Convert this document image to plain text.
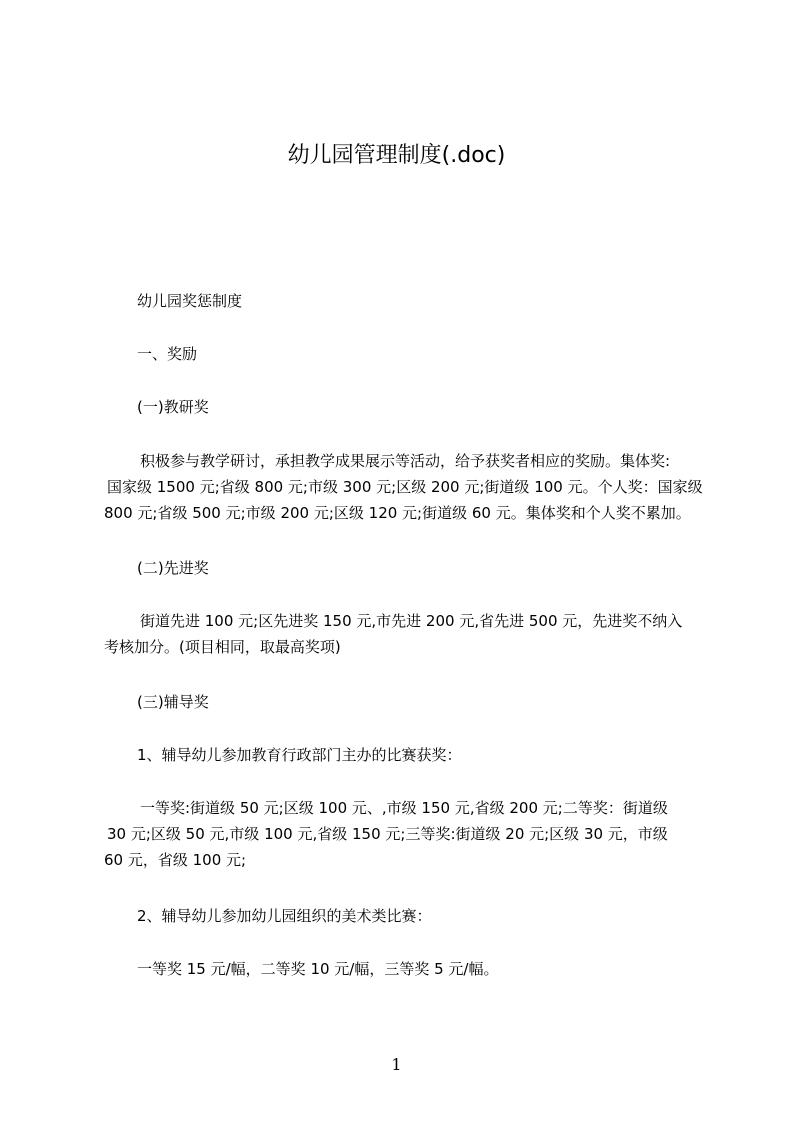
幼儿园管理制度(.doc)
幼儿园奖惩制度
一、奖励
(一)教研奖
积极参与教学研讨，承担教学成果展示等活动，给予获奖者相应的奖励。集体奖:
国家级 1500 元;省级 800 元;市级 300 元;区级 200 元;街道级 100 元。个人奖：国家级
800 元;省级 500 元;市级 200 元;区级 120 元;街道级 60 元。集体奖和个人奖不累加。
(二)先进奖
街道先进 100 元;区先进奖 150 元,市先进 200 元,省先进 500 元，先进奖不纳入
考核加分。(项目相同，取最高奖项)
(三)辅导奖
1、辅导幼儿参加教育行政部门主办的比赛获奖：
一等奖:街道级 50 元;区级 100 元、,市级 150 元,省级 200 元;二等奖：街道级
30 元;区级 50 元,市级 100 元,省级 150 元;三等奖:街道级 20 元;区级 30 元，市级
60 元，省级 100 元;
2、辅导幼儿参加幼儿园组织的美术类比赛：
一等奖 15 元/幅，二等奖 10 元/幅，三等奖 5 元/幅。
1
